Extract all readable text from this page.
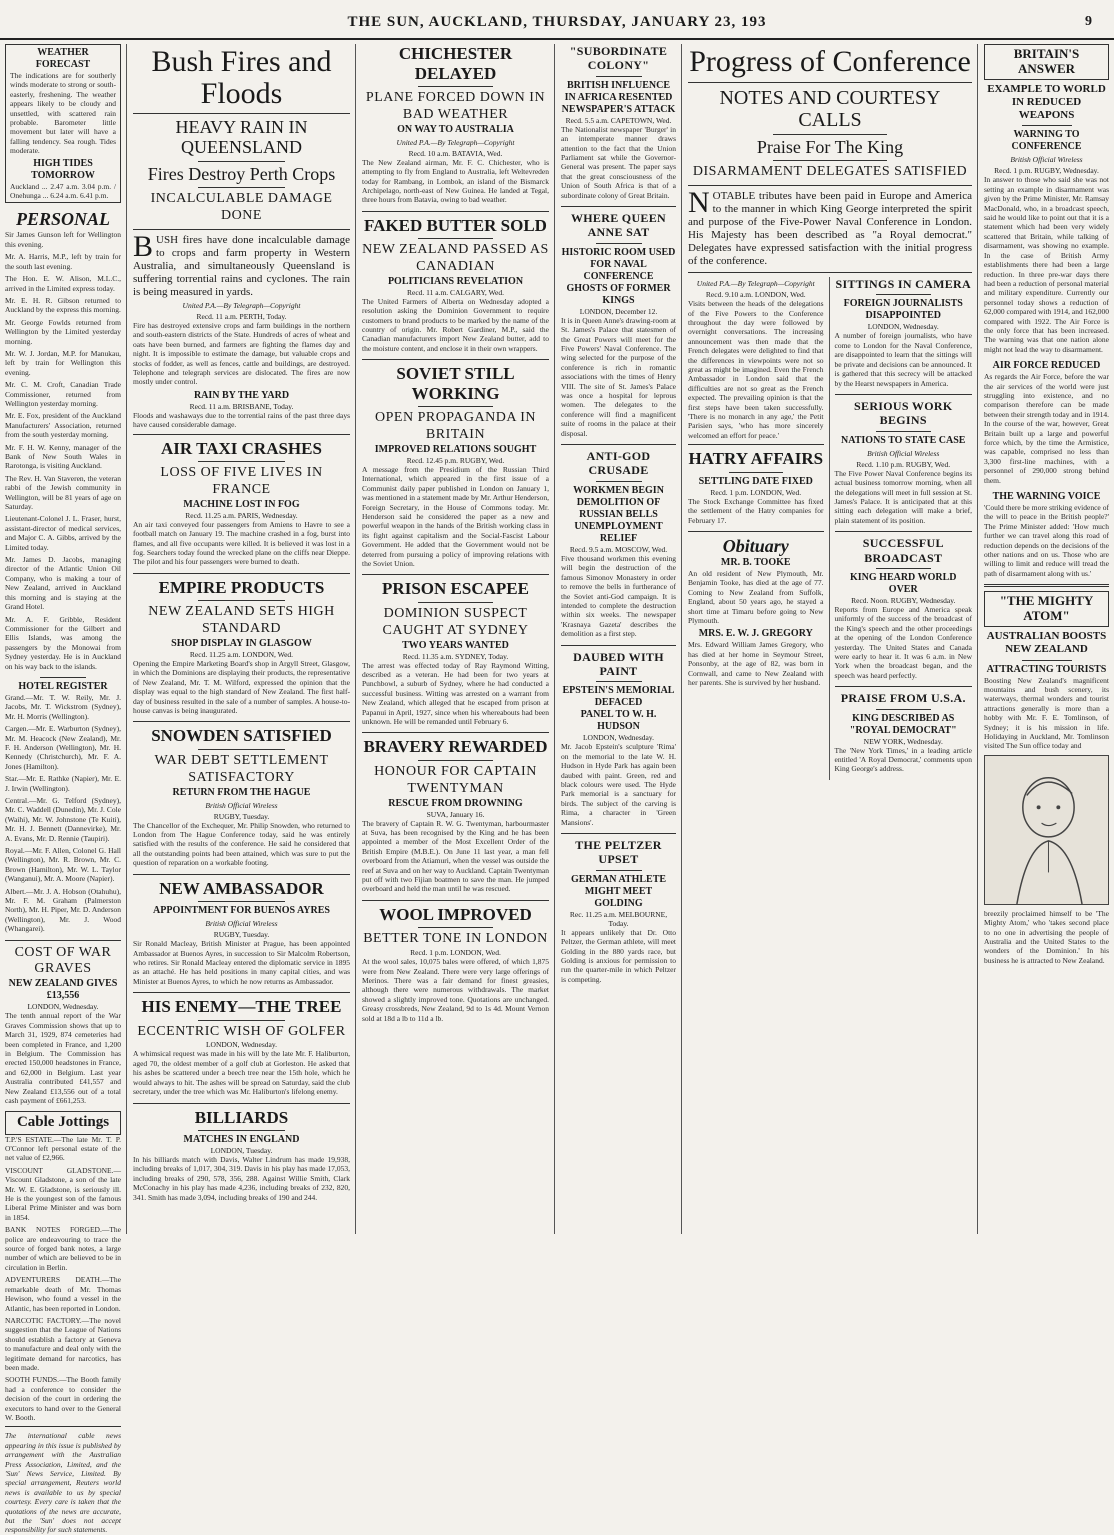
THE SUN, AUCKLAND, THURSDAY, JANUARY 23, 193	9
WEATHER FORECAST
The indications are for southerly winds moderate to strong or south-easterly, freshening. The weather appears likely to be cloudy and unsettled, with scattered rain probable. Barometer little movement but later will have a falling tendency. Sea rough. Tides moderate.
HIGH TIDES TOMORROW
Auckland ... 2.47 a.m. 3.04 p.m. / Onehunga ... 6.24 a.m. 6.41 p.m.
PERSONAL
Sir James Gunson left for Wellington this evening.
Mr. A. Harris, M.P., left by train for the south last evening.
The Hon. E. W. Alison, M.L.C., arrived in the Limited express today.
Mr. E. H. R. Gibson returned to Auckland by the express this morning.
Mr. George Fowlds returned from Wellington by the Limited yesterday morning.
Mr. W. J. Jordan, M.P. for Manukau, left by train for Wellington this evening.
Mr. C. M. Croft, Canadian Trade Commissioner, returned from Wellington yesterday morning.
Mr. E. Fox, president of the Auckland Manufacturers' Association, returned from the south yesterday morning.
Mr. F. H. W. Kenny, manager of the Bank of New South Wales in Rarotonga, is visiting Auckland.
The Rev. H. Van Staveren, the veteran rabbi of the Jewish community in Wellington, will be 81 years of age on Saturday.
Lieutenant-Colonel J. L. Fraser, hurst, assistant-director of medical services, and Major C. A. Gibbs, arrived by the Limited today.
Mr. James D. Jacobs, managing director of the Atlantic Union Oil Company, who is making a tour of New Zealand, arrived in Auckland this morning and is staying at the Grand Hotel.
Mr. A. F. Gribble, Resident Commissioner for the Gilbert and Ellis Islands, was among the passengers by the Monowai from Sydney yesterday. He is in Auckland on his way back to the islands.
HOTEL REGISTER
Grand.—Mr. T. W. Reily, Mr. J. Jacobs, Mr. T. Wickstrom (Sydney), Mr. H. Morris (Wellington).
Cargen.—Mr. E. Warburton (Sydney), Mr. M. Heacock (New Zealand), Mr. F. H. Anderson (Wellington), Mr. H. Kennedy (Christchurch), Mr. F. A. Jones (Hamilton).
Star.—Mr. E. Rathke (Napier), Mr. E. J. Irwin (Wellington).
Central.—Mr. G. Telford (Sydney), Mr. C. Waddell (Dunedin), Mr. J. Cole (Waihi), Mr. W. Johnstone (Te Kuiti), Mr. H. J. Bennett (Dannevirke), Mr. A. Evans, Mr. D. Rennie (Taupiri).
Royal.—Mr. F. Allen, Colonel G. Hall (Wellington), Mr. R. Brown, Mr. C. Brown (Hamilton), Mr. W. L. Taylor (Wanganui), Mr. A. Moore (Napier).
Albert.—Mr. J. A. Hobson (Otahuhu), Mr. F. M. Graham (Palmerston North), Mr. H. Piper, Mr. D. Anderson (Wellington), Mr. J. Wood (Whangarei).
COST OF WAR GRAVES
NEW ZEALAND GIVES £13,556
LONDON, Wednesday.
The tenth annual report of the War Graves Commission shows that up to March 31, 1929, 874 cemeteries had been completed in France, and 1,200 in Belgium. The Commission has erected 150,000 headstones in France, and 62,000 in Belgium. Last year Australia contributed £41,557 and New Zealand £13,556 out of a total cash payment of £661,253.
Cable Jottings
T.P.'S ESTATE.—The late Mr. T. P. O'Connor left personal estate of the net value of £2,966.
VISCOUNT GLADSTONE.—Viscount Gladstone, a son of the late Mr. W. E. Gladstone, is seriously ill. He is the youngest son of the famous Liberal Prime Minister and was born in 1854.
BANK NOTES FORGED.—The police are endeavouring to trace the source of forged bank notes, a large number of which are believed to be in circulation in Berlin.
ADVENTURERS DEATH.—The remarkable death of Mr. Thomas Hewison, who found a vessel in the Atlantic, has been reported in London.
NARCOTIC FACTORY.—The novel suggestion that the League of Nations should establish a factory at Geneva to manufacture and deal only with the legitimate demand for narcotics, has been made.
SOOTH FUNDS.—The Booth family had a conference to consider the decision of the court in ordering the executors to hand over to the General W. Booth.
The international cable news appearing in this issue is published by arrangement with the Australian Press Association, Limited, and the 'Sun' News Service, Limited. By special arrangement, Reuters world news is available to us by special courtesy. Every care is taken that the quotations of the news are accurate, but the 'Sun' does not accept responsibility for such statements.
Bush Fires and Floods
HEAVY RAIN IN QUEENSLAND
Fires Destroy Perth Crops
INCALCULABLE DAMAGE DONE
BUSH fires have done incalculable damage to crops and farm property in Western Australia, and simultaneously Queensland is suffering torrential rains and cyclones. The rain is being measured in yards.
United P.A.—By Telegraph—Copyright
Recd. 11 a.m. PERTH, Today.
Fire has destroyed extensive crops and farm buildings in the northern and south-eastern districts of the State. Hundreds of acres of wheat and oats have been burned, and farmers are fighting the flames day and night. It is impossible to estimate the damage, but valuable crops and stocks of fodder, as well as fences, cattle and buildings, are destroyed. Telephone and telegraph services are dislocated. The fires are now mostly under control.
RAIN BY THE YARD
Recd. 11 a.m. BRISBANE, Today.
Floods and washaways due to the torrential rains of the past three days have caused considerable damage.
AIR TAXI CRASHES
LOSS OF FIVE LIVES IN FRANCE
MACHINE LOST IN FOG
Recd. 11.25 a.m. PARIS, Wednesday.
An air taxi conveyed four passengers from Amiens to Havre to see a football match on January 19. The machine crashed in a fog, burst into flames, and all five occupants were killed. It is believed it was lost in a fog. Searchers today found the wrecked plane on the cliffs near Dieppe. The pilot and his four passengers were burned to death.
EMPIRE PRODUCTS
NEW ZEALAND SETS HIGH STANDARD
SHOP DISPLAY IN GLASGOW
Recd. 11.25 a.m. LONDON, Wed.
Opening the Empire Marketing Board's shop in Argyll Street, Glasgow, in which the Dominions are displaying their products, the representative of New Zealand, Mr. T. M. Wilford, expressed the opinion that the display was equal to the high standard of New Zealand. The first half-day of business resulted in the sale of a number of samples. A house-to-house canvas is being inaugurated.
SNOWDEN SATISFIED
WAR DEBT SETTLEMENT SATISFACTORY
RETURN FROM THE HAGUE
British Official Wireless
RUGBY, Tuesday.
The Chancellor of the Exchequer, Mr. Philip Snowden, who returned to London from The Hague Conference today, said he was entirely satisfied with the results of the conference. He said he considered that all the outstanding points had been attained, which was sure to put the question of reparation on a workable footing.
NEW AMBASSADOR
APPOINTMENT FOR BUENOS AYRES
British Official Wireless
RUGBY, Tuesday.
Sir Ronald Macleay, British Minister at Prague, has been appointed Ambassador at Buenos Ayres, in succession to Sir Malcolm Robertson, who retires. Sir Ronald Macleay entered the diplomatic service in 1895 as an attaché. He has held positions in many capital cities, and was Minister at Buenos Ayres, to which he now returns as Ambassador.
HIS ENEMY—THE TREE
ECCENTRIC WISH OF GOLFER
LONDON, Wednesday.
A whimsical request was made in his will by the late Mr. F. Haliburton, aged 70, the oldest member of a golf club at Gorleston. He asked that his ashes be scattered under a beech tree near the 15th hole, which he would always to hit. The ashes will be spread on Saturday, said the club secretary, under the tree which was Mr. Haliburton's lifelong enemy.
BILLIARDS
MATCHES IN ENGLAND
LONDON, Tuesday.
In his billiards match with Davis, Walter Lindrum has made 19,938, including breaks of 1,017, 304, 319. Davis in his play has made 17,053, including breaks of 290, 578, 356, 288. Against Willie Smith, Clark McConachy in his play has made 4,236, including breaks of 232, 820, 341. Smith has made 3,094, including breaks of 190 and 244.
CHICHESTER DELAYED
PLANE FORCED DOWN IN BAD WEATHER
ON WAY TO AUSTRALIA
United P.A.—By Telegraph—Copyright
Recd. 10 a.m. BATAVIA, Wed.
The New Zealand airman, Mr. F. C. Chichester, who is attempting to fly from England to Australia, left Weltevreden today for Rambang, in Lombok, an island of the Bismarck Archipelago, north-east of New Guinea. He landed at Tegal, three hours from Batavia, owing to bad weather.
FAKED BUTTER SOLD
NEW ZEALAND PASSED AS CANADIAN
POLITICIANS REVELATION
Recd. 11 a.m. CALGARY, Wed.
The United Farmers of Alberta on Wednesday adopted a resolution asking the Dominion Government to require customers to brand products to be marked by the name of the country of origin. Mr. Robert Gardiner, M.P., said the Canadian manufacturers import New Zealand butter, add to the moisture content, and enclose it in their own wrappers.
SOVIET STILL WORKING
OPEN PROPAGANDA IN BRITAIN
IMPROVED RELATIONS SOUGHT
Recd. 12.45 p.m. RUGBY, Wed.
A message from the Presidium of the Russian Third International, which appeared in the first issue of a Communist daily paper published in London on January 1, was mentioned in a statement made by Mr. Arthur Henderson, Foreign Secretary, in the House of Commons today. Mr. Henderson said he considered the paper as a new and powerful weapon in the hands of the British working class in its fight against capitalism and the Social-Fascist Labour Government. He added that the Government would not be deterred from pursuing a policy of improving relations with the Soviet Union.
PRISON ESCAPEE
DOMINION SUSPECT CAUGHT AT SYDNEY
TWO YEARS WANTED
Recd. 11.35 a.m. SYDNEY, Today.
The arrest was effected today of Ray Raymond Witting, described as a veteran. He had been for two years at Punchbowl, a suburb of Sydney, where he had conducted a successful business. Witting was arrested on a warrant from New Zealand, which alleged that he escaped from prison at Papanui in April, 1927, since when his whereabouts had been unknown. He will be remanded until February 6.
BRAVERY REWARDED
HONOUR FOR CAPTAIN TWENTYMAN
RESCUE FROM DROWNING
SUVA, January 16.
The bravery of Captain R. W. G. Twentyman, harbourmaster at Suva, has been recognised by the King and he has been appointed a member of the Most Excellent Order of the British Empire (M.B.E.). On June 11 last year, a man fell overboard from the Atiamuri, when the vessel was outside the reef at Suva and on her way to Auckland. Captain Twentyman put off with two Fijian boatmen to save the man. He jumped overboard and held the man until he was rescued.
WOOL IMPROVED
BETTER TONE IN LONDON
Recd. 1 p.m. LONDON, Wed.
At the wool sales, 10,075 bales were offered, of which 1,875 were from New Zealand. There were very large offerings of Merinos. There was a fair demand for finest greasies, although there were numerous withdrawals. The market showed a slightly improved tone. Quotations are unchanged. Greasy crossbreds, New Zealand, 9d to 1s 4d. Mount Vernon sold at 18d a lb to 11d a lb.
"SUBORDINATE COLONY"
BRITISH INFLUENCE IN AFRICA RESENTED
NEWSPAPER'S ATTACK
Recd. 5.5 a.m. CAPETOWN, Wed.
The Nationalist newspaper 'Burger' in an intemperate manner draws attention to the fact that the Union Parliament sat while the Governor-General was present. The paper says that the great consciousness of the Union of South Africa is that of a subordinate colony of Great Britain.
WHERE QUEEN ANNE SAT
HISTORIC ROOM USED FOR NAVAL CONFERENCE
GHOSTS OF FORMER KINGS
LONDON, December 12.
It is in Queen Anne's drawing-room at St. James's Palace that statesmen of the Great Powers will meet for the Five Powers' Naval Conference. The wing selected for the purpose of the conference is rich in romantic associations with the times of Henry VIII. The site of St. James's Palace was once a hospital for leprous women. The delegates to the conference will find a magnificent suite of rooms in the palace at their disposal.
ANTI-GOD CRUSADE
WORKMEN BEGIN DEMOLITION OF RUSSIAN BELLS
UNEMPLOYMENT RELIEF
Recd. 9.5 a.m. MOSCOW, Wed.
Five thousand workmen this evening will begin the destruction of the famous Simonov Monastery in order to remove the bells in furtherance of the Soviet anti-God campaign. It is intended to complete the destruction within six weeks. The newspaper 'Krasnaya Gazeta' describes the demolition as a first step.
DAUBED WITH PAINT
EPSTEIN'S MEMORIAL DEFACED
PANEL TO W. H. HUDSON
LONDON, Wednesday.
Mr. Jacob Epstein's sculpture 'Rima' on the memorial to the late W. H. Hudson in Hyde Park has again been daubed with paint. Green, red and black colours were used. The Hyde Park memorial is a sanctuary for birds. The subject of the carving is Rima, a character in 'Green Mansions'.
THE PELTZER UPSET
GERMAN ATHLETE MIGHT MEET GOLDING
Rec. 11.25 a.m. MELBOURNE, Today.
It appears unlikely that Dr. Otto Peltzer, the German athlete, will meet Golding in the 880 yards race, but Golding is anxious for permission to run the quarter-mile in which Peltzer is competing.
Progress of Conference
NOTES AND COURTESY CALLS
Praise For The King
DISARMAMENT DELEGATES SATISFIED
NOTABLE tributes have been paid in Europe and America to the manner in which King George interpreted the spirit and purpose of the Five-Power Naval Conference in London. His Majesty has been described as "a Royal democrat." Delegates have expressed satisfaction with the initial progress of the conference.
United P.A.—By Telegraph—Copyright
Recd. 9.10 a.m. LONDON, Wed.
Visits between the heads of the delegations of the Five Powers to the Conference throughout the day were followed by overnight conversations. The increasing announcement was then made that the French delegates were delighted to find that the differences in viewpoints were not so great as might be imagined. Even the French Ambassador in London said that the difficulties are not so great as the French expected. The prevailing opinion is that the first steps have been taken successfully. 'There is no monarch in any age,' the Petit Parisien says, 'who has more sincerely welcomed an effort for peace.'
HATRY AFFAIRS
SETTLING DATE FIXED
Recd. 1 p.m. LONDON, Wed.
The Stock Exchange Committee has fixed the settlement of the Hatry companies for February 17.
Obituary
MR. B. TOOKE
An old resident of New Plymouth, Mr. Benjamin Tooke, has died at the age of 77. Coming to New Zealand from Suffolk, England, about 50 years ago, he stayed a short time at Timaru before going to New Plymouth.
MRS. E. W. J. GREGORY
Mrs. Edward William James Gregory, who has died at her home in Seymour Street, Ponsonby, at the age of 82, was born in Cornwall, and came to New Zealand with her parents. She is survived by her husband.
SITTINGS IN CAMERA
FOREIGN JOURNALISTS DISAPPOINTED
LONDON, Wednesday.
A number of foreign journalists, who have come to London for the Naval Conference, are disappointed to learn that the sittings will be private and decisions can be announced. It is gathered that this secrecy will be attacked by the Hearst newspapers in America.
SERIOUS WORK BEGINS
NATIONS TO STATE CASE
British Official Wireless
Recd. 1.10 p.m. RUGBY, Wed.
The Five Power Naval Conference begins its actual business tomorrow morning, when all the delegations will meet in full session at St. James's Palace. It is anticipated that at this sitting each delegation will make a brief, plain statement of its position.
SUCCESSFUL BROADCAST
KING HEARD WORLD OVER
Recd. Noon. RUGBY, Wednesday.
Reports from Europe and America speak uniformly of the success of the broadcast of the King's speech and the other proceedings at the opening of the London Conference yesterday. The United States and Canada were early to hear it. It was 6 a.m. in New York when the broadcast began, and the speech was heard perfectly.
PRAISE FROM U.S.A.
KING DESCRIBED AS "ROYAL DEMOCRAT"
NEW YORK, Wednesday.
The 'New York Times,' in a leading article entitled 'A Royal Democrat,' comments upon King George's address.
BRITAIN'S ANSWER
EXAMPLE TO WORLD IN REDUCED WEAPONS
WARNING TO CONFERENCE
British Official Wireless
Recd. 1 p.m. RUGBY, Wednesday.
In answer to those who said she was not setting an example in disarmament was given by the Prime Minister, Mr. Ramsay MacDonald, who, in a broadcast speech, said he would like to point out that it is a statement which had been very widely scattered that Britain, while talking of disarmament, was showing no example. In the case of British Army establishments there had been a large reduction. In three pre-war days there had been a reduction of personal material and military expenditure. Currently our personnel today shows a reduction of 62,000 compared with 1914, and 162,000 compared with 1922. The Air Force is the only force that has been increased. The warning was that one nation alone might not lead the way to disarmament.
AIR FORCE REDUCED
As regards the Air Force, before the war the air services of the world were just struggling into existence, and no comparison therefore can be made between their strength today and in 1914. In the course of the war, however, Great Britain built up a large and powerful force which, by the time the Armistice, was capable, comprised no less than 3,300 first-line machines, with a personnel of 290,000 strong behind them.
THE WARNING VOICE
'Could there be more striking evidence of the will to peace in the British people?' The Prime Minister added: 'How much further we can travel along this road of reduction depends on the decisions of the other nations and on us. Those who are willing to limit and reduce will tread the path of disarmament along with us.'
"THE MIGHTY ATOM"
AUSTRALIAN BOOSTS NEW ZEALAND
ATTRACTING TOURISTS
Boosting New Zealand's magnificent mountains and bush scenery, its waterways, thermal wonders and tourist attractions generally is more than a hobby with Mr. F. E. Tomlinson, of Sydney; it is his mission in life. Holidaying in Auckland, Mr. Tomlinson visited The Sun office today and
breezily proclaimed himself to be 'The Mighty Atom,' who 'takes second place to no one in advertising the people of Australia and the United States to the wonders of the Dominion.' In his business he is attracted to New Zealand.
